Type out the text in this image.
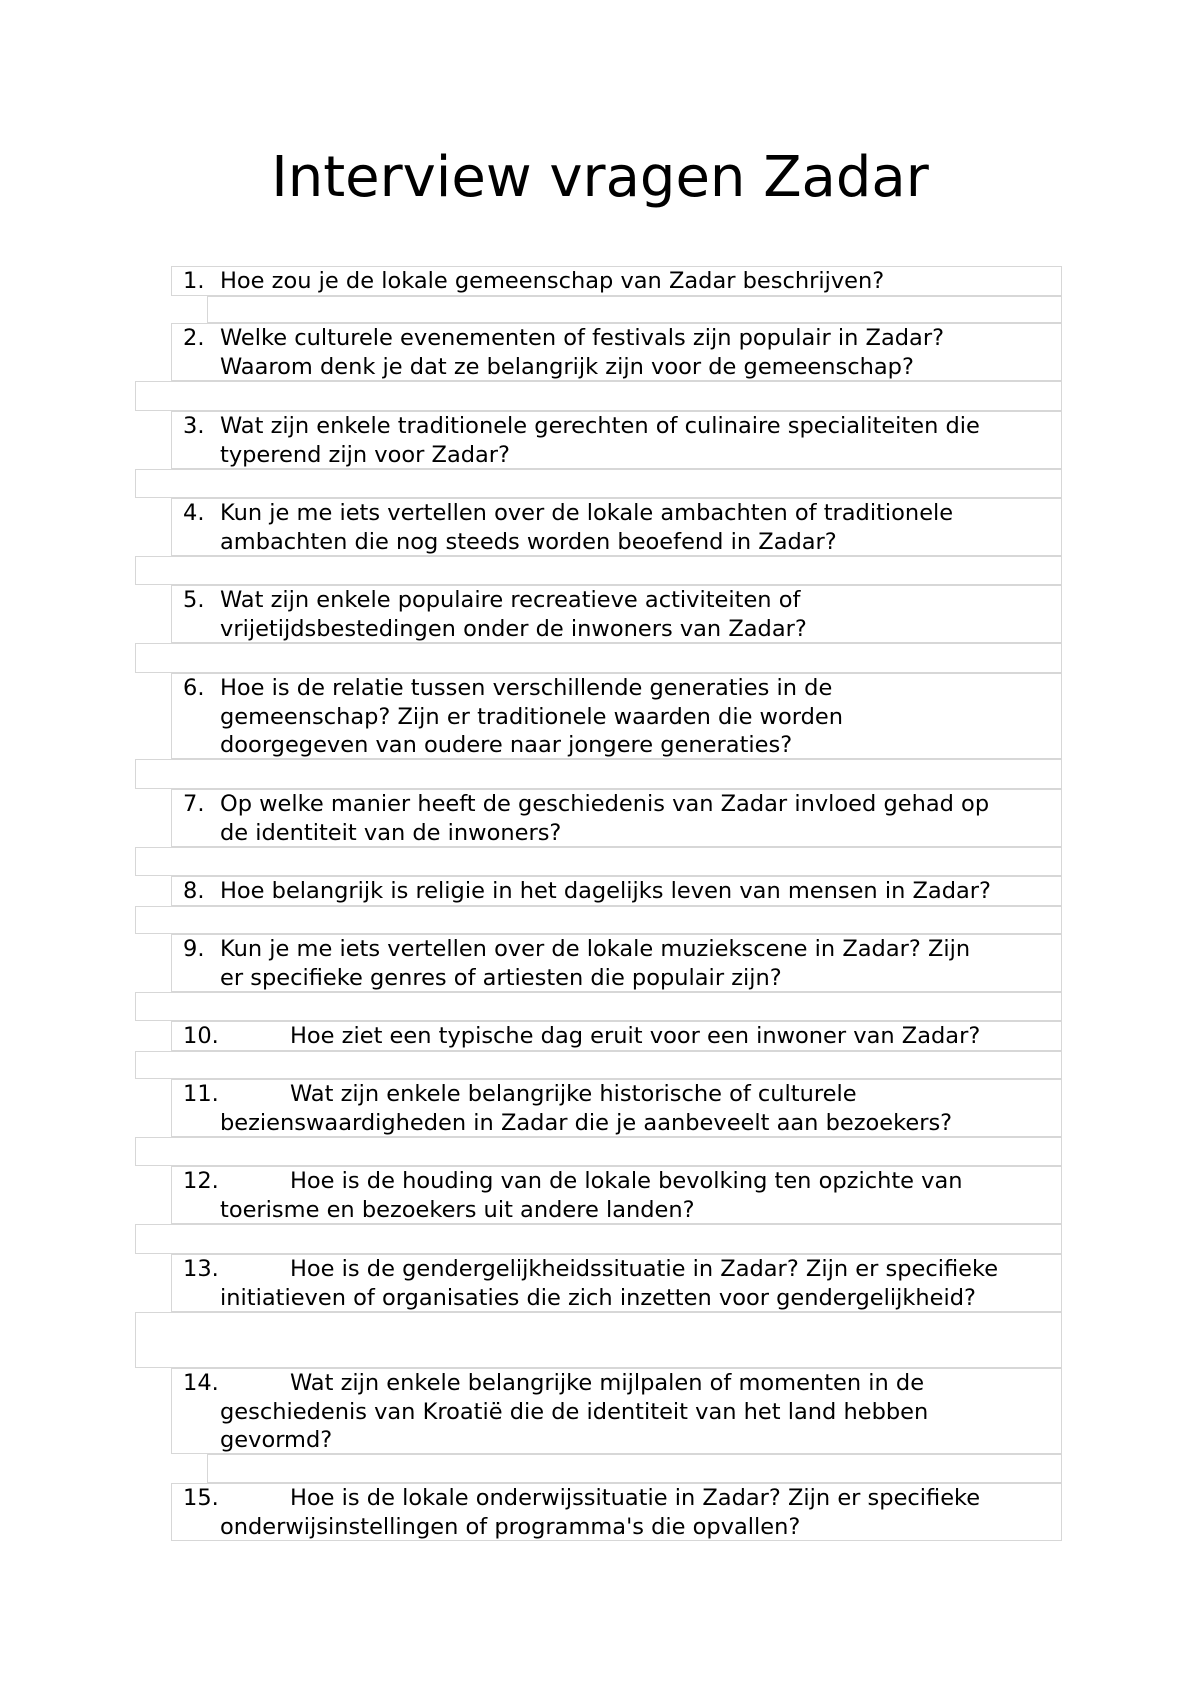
Interview vragen Zadar
1. Hoe zou je de lokale gemeenschap van Zadar beschrijven?
2. Welke culturele evenementen of festivals zijn populair in Zadar?
Waarom denk je dat ze belangrijk zijn voor de gemeenschap?
3. Wat zijn enkele traditionele gerechten of culinaire specialiteiten die
typerend zijn voor Zadar?
4. Kun je me iets vertellen over de lokale ambachten of traditionele
ambachten die nog steeds worden beoefend in Zadar?
5. Wat zijn enkele populaire recreatieve activiteiten of
vrijetijdsbestedingen onder de inwoners van Zadar?
6. Hoe is de relatie tussen verschillende generaties in de
gemeenschap? Zijn er traditionele waarden die worden
doorgegeven van oudere naar jongere generaties?
7. Op welke manier heeft de geschiedenis van Zadar invloed gehad op
de identiteit van de inwoners?
8. Hoe belangrijk is religie in het dagelijks leven van mensen in Zadar?
9. Kun je me iets vertellen over de lokale muziekscene in Zadar? Zijn
er specifieke genres of artiesten die populair zijn?
10.	Hoe ziet een typische dag eruit voor een inwoner van Zadar?
11.	Wat zijn enkele belangrijke historische of culturele
bezienswaardigheden in Zadar die je aanbeveelt aan bezoekers?
12.	Hoe is de houding van de lokale bevolking ten opzichte van
toerisme en bezoekers uit andere landen?
13.	Hoe is de gendergelijkheidssituatie in Zadar? Zijn er specifieke
initiatieven of organisaties die zich inzetten voor gendergelijkheid?
14.	Wat zijn enkele belangrijke mijlpalen of momenten in de
geschiedenis van Kroatië die de identiteit van het land hebben
gevormd?
15.	Hoe is de lokale onderwijssituatie in Zadar? Zijn er specifieke
onderwijsinstellingen of programma's die opvallen?
